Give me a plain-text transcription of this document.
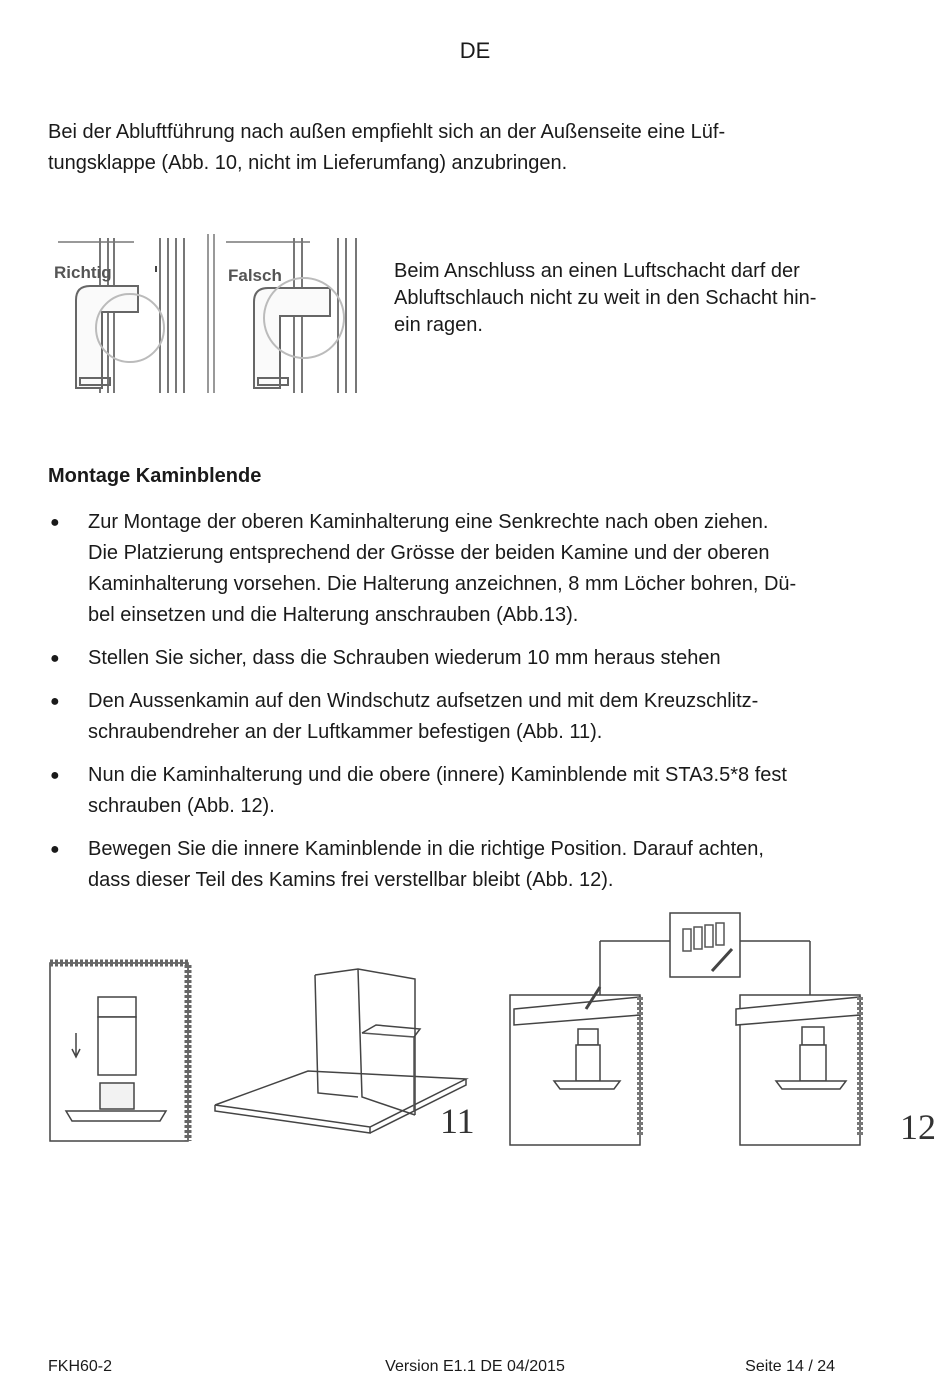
DE
Bei der Abluftführung nach außen empfiehlt sich an der Außenseite eine Lüf-
tungsklappe (Abb. 10, nicht im Lieferumfang) anzubringen.
Richtig	Falsch	Beim Anschluss an einen Luftschacht darf der
Abluftschlauch nicht zu weit in den Schacht hin-
ein ragen.
Montage Kaminblende
● Zur Montage der oberen Kaminhalterung eine Senkrechte nach oben ziehen.
Die Platzierung entsprechend der Grösse der beiden Kamine und der oberen
Kaminhalterung vorsehen. Die Halterung anzeichnen, 8 mm Löcher bohren, Dü-
bel einsetzen und die Halterung anschrauben (Abb.13).
● Stellen Sie sicher, dass die Schrauben wiederum 10 mm heraus stehen
● Den Aussenkamin auf den Windschutz aufsetzen und mit dem Kreuzschlitz-
schraubendreher an der Luftkammer befestigen (Abb. 11).
● Nun die Kaminhalterung und die obere (innere) Kaminblende mit STA3.5*8 fest
schrauben (Abb. 12).
● Bewegen Sie die innere Kaminblende in die richtige Position. Darauf achten,
dass dieser Teil des Kamins frei verstellbar bleibt (Abb. 12).
11	12
FKH60-2	Version E1.1 DE 04/2015	Seite 14 / 24
